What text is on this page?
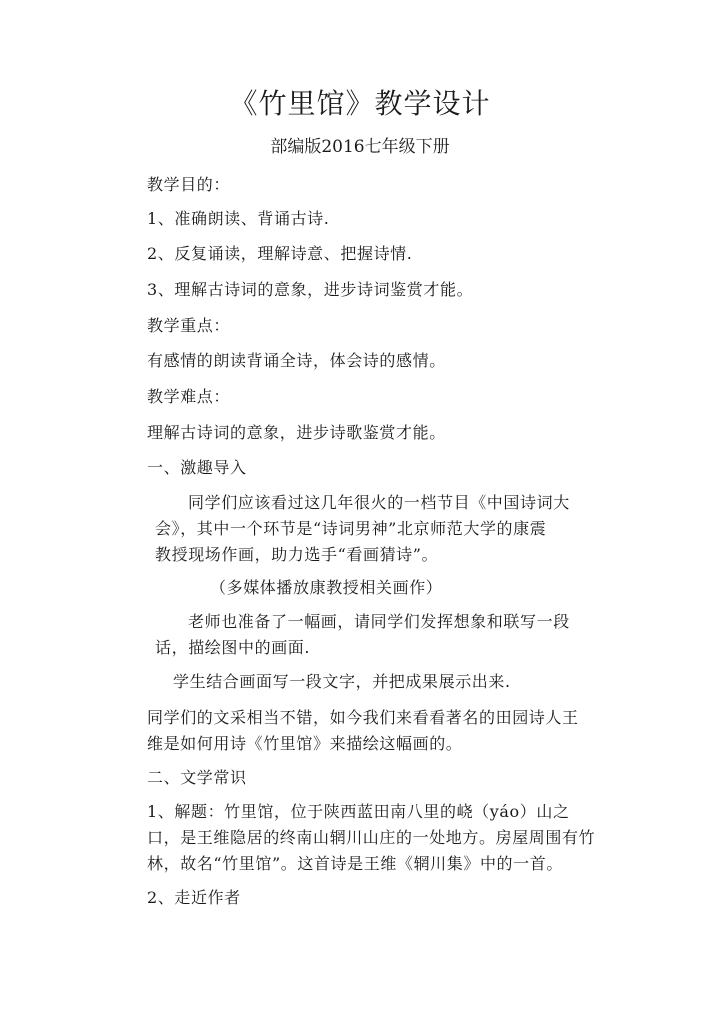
《竹里馆》教学设计
部编版2016七年级下册
教学目的：
1、准确朗读、背诵古诗.
2、反复诵读，理解诗意、把握诗情.
3、理解古诗词的意象，进步诗词鉴赏才能。
教学重点：
有感情的朗读背诵全诗，体会诗的感情。
教学难点：
理解古诗词的意象，进步诗歌鉴赏才能。
一、激趣导入
同学们应该看过这几年很火的一档节目《中国诗词大
会》，其中一个环节是“诗词男神”北京师范大学的康震
教授现场作画，助力选手“看画猜诗”。
（多媒体播放康教授相关画作）
老师也准备了一幅画，请同学们发挥想象和联写一段
话，描绘图中的画面.
学生结合画面写一段文字，并把成果展示出来.
同学们的文采相当不错，如今我们来看看著名的田园诗人王
维是如何用诗《竹里馆》来描绘这幅画的。
二、文学常识
1、解题：竹里馆，位于陕西蓝田南八里的峣（yáo）山之
口，是王维隐居的终南山辋川山庄的一处地方。房屋周围有竹
林，故名“竹里馆”。这首诗是王维《辋川集》中的一首。
2、走近作者
